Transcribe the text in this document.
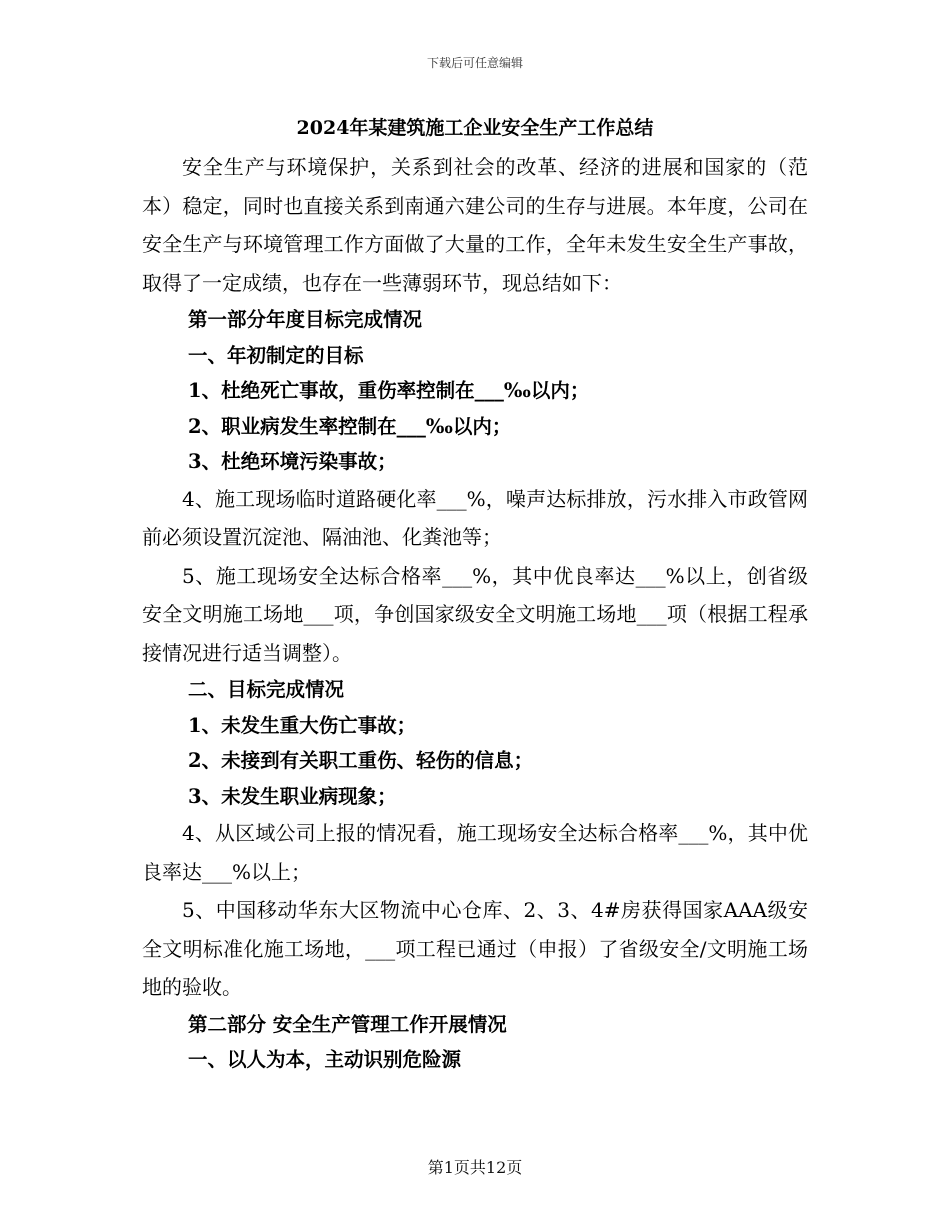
下载后可任意编辑
2024年某建筑施工企业安全生产工作总结

安全生产与环境保护，关系到社会的改革、经济的进展和国家的（范本）稳定，同时也直接关系到南通六建公司的生存与进展。本年度，公司在安全生产与环境管理工作方面做了大量的工作，全年未发生安全生产事故，取得了一定成绩，也存在一些薄弱环节，现总结如下：

第一部分年度目标完成情况

一、年初制定的目标

1、杜绝死亡事故，重伤率控制在___‰以内；

2、职业病发生率控制在___‰以内；

3、杜绝环境污染事故；

4、施工现场临时道路硬化率___%，噪声达标排放，污水排入市政管网前必须设置沉淀池、隔油池、化粪池等；

5、施工现场安全达标合格率___%，其中优良率达___%以上，创省级安全文明施工场地___项，争创国家级安全文明施工场地___项（根据工程承接情况进行适当调整）。

二、目标完成情况

1、未发生重大伤亡事故；

2、未接到有关职工重伤、轻伤的信息；

3、未发生职业病现象；

4、从区域公司上报的情况看，施工现场安全达标合格率___%，其中优良率达___%以上；

5、中国移动华东大区物流中心仓库、2、3、4#房获得国家AAA级安全文明标准化施工场地，___项工程已通过（申报）了省级安全/文明施工场地的验收。

第二部分 安全生产管理工作开展情况

一、以人为本，主动识别危险源

第1页共12页
